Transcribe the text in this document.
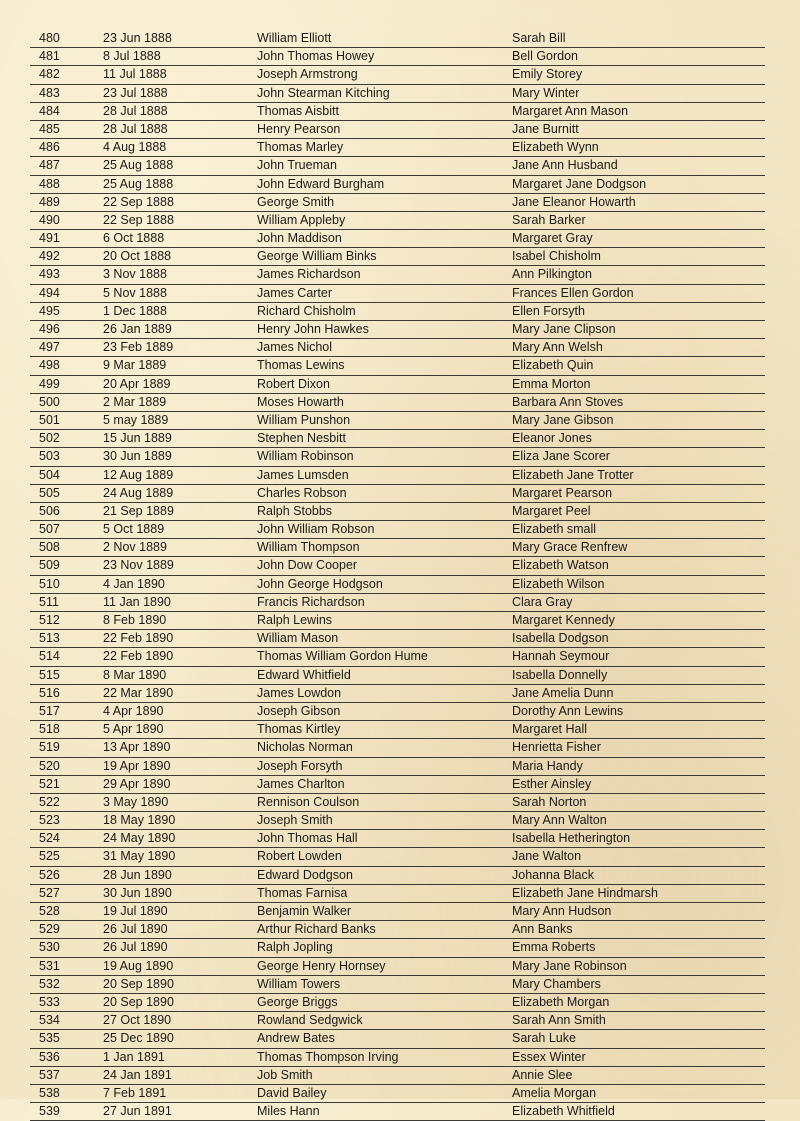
480	23 Jun 1888	William Elliott	Sarah Bill
481	8 Jul 1888	John Thomas Howey	Bell Gordon
482	11 Jul 1888	Joseph Armstrong	Emily Storey
483	23 Jul 1888	John Stearman Kitching	Mary Winter
484	28 Jul 1888	Thomas Aisbitt	Margaret Ann Mason
485	28 Jul 1888	Henry Pearson	Jane Burnitt
486	4 Aug 1888	Thomas Marley	Elizabeth Wynn
487	25 Aug 1888	John Trueman	Jane Ann Husband
488	25 Aug 1888	John Edward Burgham	Margaret Jane Dodgson
489	22 Sep 1888	George Smith	Jane Eleanor Howarth
490	22 Sep 1888	William Appleby	Sarah Barker
491	6 Oct 1888	John Maddison	Margaret Gray
492	20 Oct 1888	George William Binks	Isabel Chisholm
493	3 Nov 1888	James Richardson	Ann Pilkington
494	5 Nov 1888	James Carter	Frances Ellen Gordon
495	1 Dec 1888	Richard Chisholm	Ellen Forsyth
496	26 Jan 1889	Henry John Hawkes	Mary Jane Clipson
497	23 Feb 1889	James Nichol	Mary Ann Welsh
498	9 Mar 1889	Thomas Lewins	Elizabeth Quin
499	20 Apr 1889	Robert Dixon	Emma Morton
500	2 Mar 1889	Moses Howarth	Barbara Ann Stoves
501	5 may 1889	William Punshon	Mary Jane Gibson
502	15 Jun 1889	Stephen Nesbitt	Eleanor Jones
503	30 Jun 1889	William Robinson	Eliza Jane Scorer
504	12 Aug 1889	James Lumsden	Elizabeth Jane Trotter
505	24 Aug 1889	Charles Robson	Margaret Pearson
506	21 Sep 1889	Ralph Stobbs	Margaret Peel
507	5 Oct 1889	John William Robson	Elizabeth small
508	2 Nov 1889	William Thompson	Mary Grace Renfrew
509	23 Nov 1889	John Dow Cooper	Elizabeth Watson
510	4 Jan 1890	John George Hodgson	Elizabeth Wilson
511	11 Jan 1890	Francis Richardson	Clara Gray
512	8 Feb 1890	Ralph Lewins	Margaret Kennedy
513	22 Feb 1890	William Mason	Isabella Dodgson
514	22 Feb 1890	Thomas William Gordon Hume	Hannah Seymour
515	8 Mar 1890	Edward Whitfield	Isabella Donnelly
516	22 Mar 1890	James Lowdon	Jane Amelia Dunn
517	4 Apr 1890	Joseph Gibson	Dorothy Ann Lewins
518	5 Apr 1890	Thomas Kirtley	Margaret Hall
519	13 Apr 1890	Nicholas Norman	Henrietta Fisher
520	19 Apr 1890	Joseph Forsyth	Maria Handy
521	29 Apr 1890	James Charlton	Esther Ainsley
522	3 May 1890	Rennison Coulson	Sarah Norton
523	18 May 1890	Joseph Smith	Mary Ann Walton
524	24 May 1890	John Thomas Hall	Isabella Hetherington
525	31 May 1890	Robert Lowden	Jane Walton
526	28 Jun 1890	Edward Dodgson	Johanna Black
527	30 Jun 1890	Thomas Farnisa	Elizabeth Jane Hindmarsh
528	19 Jul 1890	Benjamin Walker	Mary Ann Hudson
529	26 Jul 1890	Arthur Richard Banks	Ann Banks
530	26 Jul 1890	Ralph Jopling	Emma Roberts
531	19 Aug 1890	George Henry Hornsey	Mary Jane Robinson
532	20 Sep 1890	William Towers	Mary Chambers
533	20 Sep 1890	George Briggs	Elizabeth Morgan
534	27 Oct 1890	Rowland Sedgwick	Sarah Ann Smith
535	25 Dec 1890	Andrew Bates	Sarah Luke
536	1 Jan 1891	Thomas Thompson Irving	Essex Winter
537	24 Jan 1891	Job Smith	Annie Slee
538	7 Feb 1891	David Bailey	Amelia Morgan
539	27 Jun 1891	Miles Hann	Elizabeth Whitfield
